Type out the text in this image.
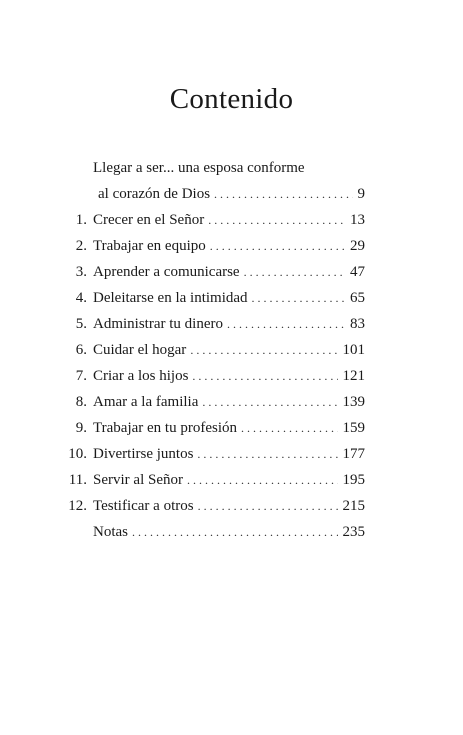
Contenido
Llegar a ser... una esposa conforme
al corazón de Dios . . .	9
1. Crecer en el Señor . . .	13
2. Trabajar en equipo . . .	29
3. Aprender a comunicarse . . .	47
4. Deleitarse en la intimidad . . .	65
5. Administrar tu dinero . . .	83
6. Cuidar el hogar . . .	101
7. Criar a los hijos . . .	121
8. Amar a la familia . . .	139
9. Trabajar en tu profesión . . .	159
10. Divertirse juntos . . .	177
11. Servir al Señor . . .	195
12. Testificar a otros . . .	215
Notas . . .	235
